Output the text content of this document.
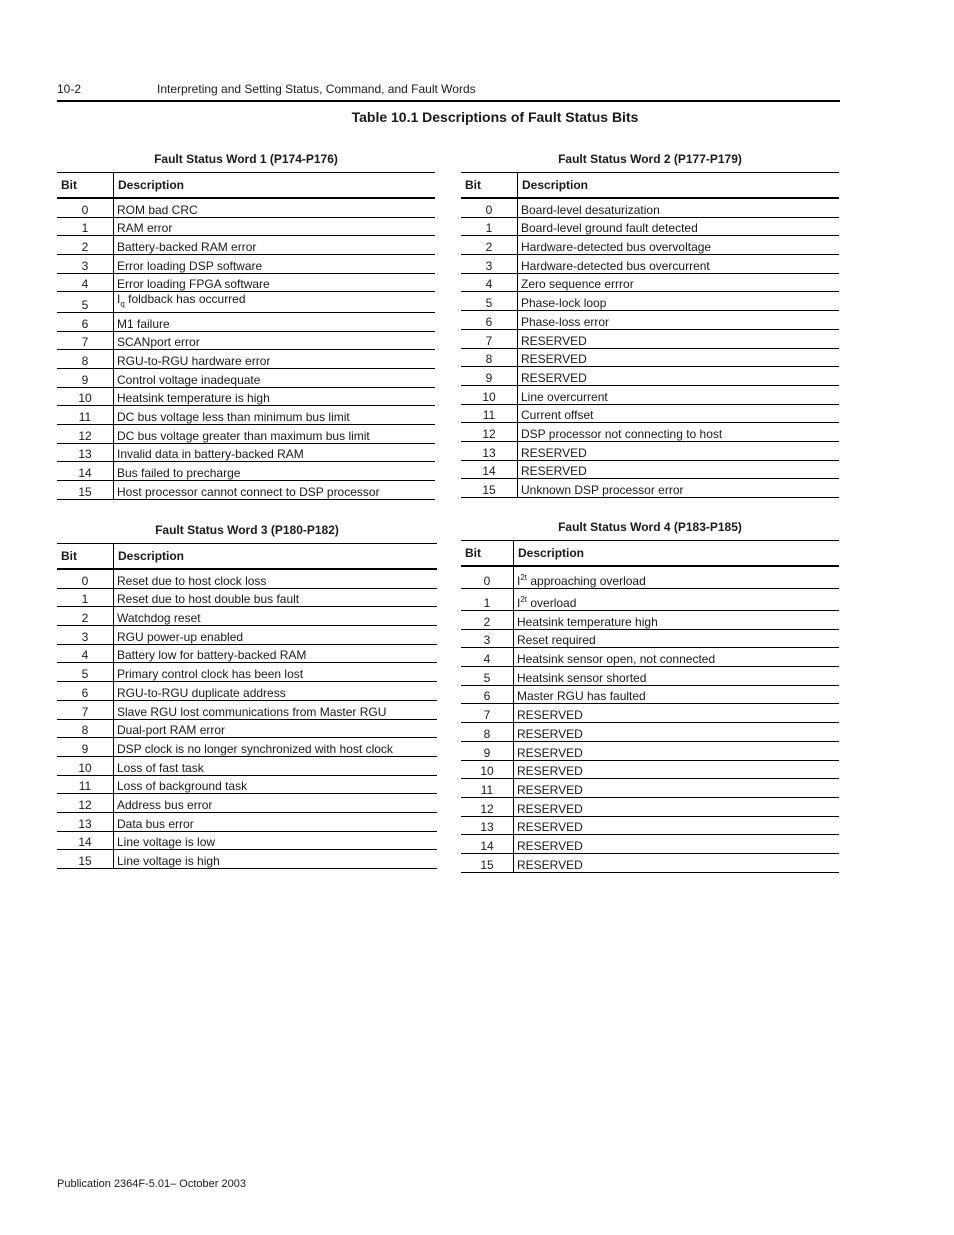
10-2	Interpreting and Setting Status, Command, and Fault Words
Table 10.1 Descriptions of Fault Status Bits
Fault Status Word 1 (P174-P176)
Bit	Description
0	ROM bad CRC
1	RAM error
2	Battery-backed RAM error
3	Error loading DSP software
4	Error loading FPGA software
5	$I_q$ foldback has occurred
6	M1 failure
7	SCANport error
8	RGU-to-RGU hardware error
9	Control voltage inadequate
10	Heatsink temperature is high
11	DC bus voltage less than minimum bus limit
12	DC bus voltage greater than maximum bus limit
13	Invalid data in battery-backed RAM
14	Bus failed to precharge
15	Host processor cannot connect to DSP processor
Fault Status Word 2 (P177-P179)
Bit	Description
0	Board-level desaturization
1	Board-level ground fault detected
2	Hardware-detected bus overvoltage
3	Hardware-detected bus overcurrent
4	Zero sequence errror
5	Phase-lock loop
6	Phase-loss error
7	RESERVED
8	RESERVED
9	RESERVED
10	Line overcurrent
11	Current offset
12	DSP processor not connecting to host
13	RESERVED
14	RESERVED
15	Unknown DSP processor error
Fault Status Word 3 (P180-P182)
Bit	Description
0	Reset due to host clock loss
1	Reset due to host double bus fault
2	Watchdog reset
3	RGU power-up enabled
4	Battery low for battery-backed RAM
5	Primary control clock has been lost
6	RGU-to-RGU duplicate address
7	Slave RGU lost communications from Master RGU
8	Dual-port RAM error
9	DSP clock is no longer synchronized with host clock
10	Loss of fast task
11	Loss of background task
12	Address bus error
13	Data bus error
14	Line voltage is low
15	Line voltage is high
Fault Status Word 4 (P183-P185)
Bit	Description
0	$I^{2t}$ approaching overload
1	$I^{2t}$ overload
2	Heatsink temperature high
3	Reset required
4	Heatsink sensor open, not connected
5	Heatsink sensor shorted
6	Master RGU has faulted
7	RESERVED
8	RESERVED
9	RESERVED
10	RESERVED
11	RESERVED
12	RESERVED
13	RESERVED
14	RESERVED
15	RESERVED
Publication 2364F-5.01– October 2003
